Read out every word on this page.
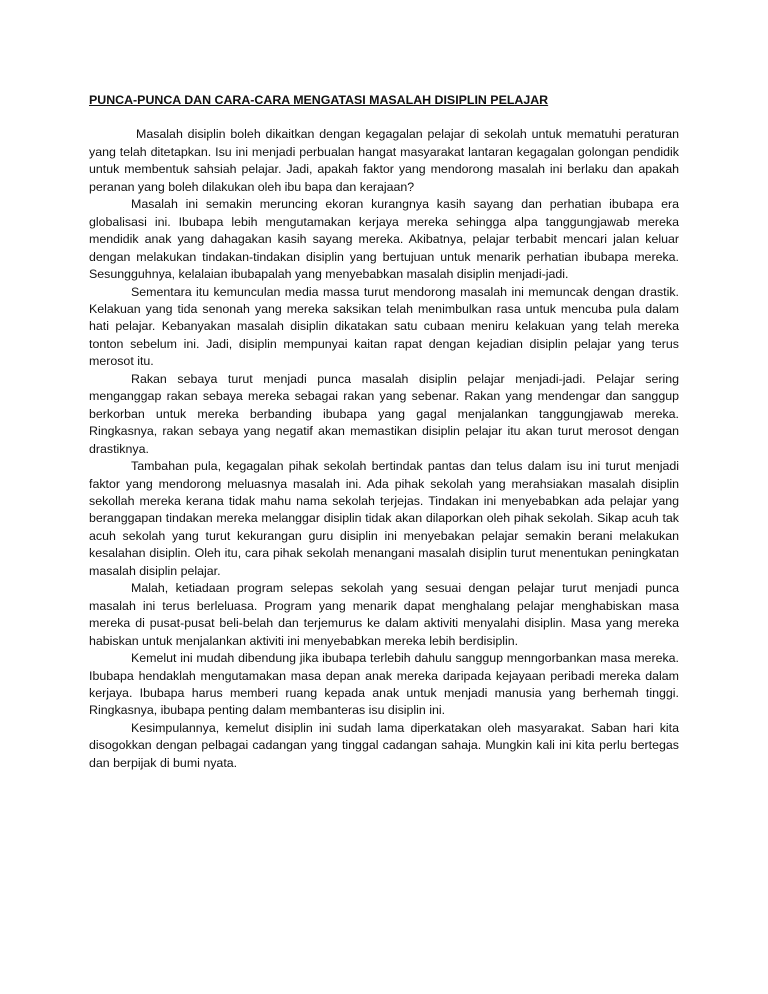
PUNCA-PUNCA DAN CARA-CARA MENGATASI MASALAH DISIPLIN PELAJAR

Masalah disiplin boleh dikaitkan dengan kegagalan pelajar di sekolah untuk mematuhi peraturan yang telah ditetapkan. Isu ini menjadi perbualan hangat masyarakat lantaran kegagalan golongan pendidik untuk membentuk sahsiah pelajar. Jadi, apakah faktor yang mendorong masalah ini berlaku dan apakah peranan yang boleh dilakukan oleh ibu bapa dan kerajaan?

Masalah ini semakin meruncing ekoran kurangnya kasih sayang dan perhatian ibubapa era globalisasi ini. Ibubapa lebih mengutamakan kerjaya mereka sehingga alpa tanggungjawab mereka mendidik anak yang dahagakan kasih sayang mereka. Akibatnya, pelajar terbabit mencari jalan keluar dengan melakukan tindakan-tindakan disiplin yang bertujuan untuk menarik perhatian ibubapa mereka. Sesungguhnya, kelalaian ibubapalah yang menyebabkan masalah disiplin menjadi-jadi.

Sementara itu kemunculan media massa turut mendorong masalah ini memuncak dengan drastik. Kelakuan yang tida senonah yang mereka saksikan telah menimbulkan rasa untuk mencuba pula dalam hati pelajar. Kebanyakan masalah disiplin dikatakan satu cubaan meniru kelakuan yang telah mereka tonton sebelum ini. Jadi, disiplin mempunyai kaitan rapat dengan kejadian disiplin pelajar yang terus merosot itu.

Rakan sebaya turut menjadi punca masalah disiplin pelajar menjadi-jadi. Pelajar sering menganggap rakan sebaya mereka sebagai rakan yang sebenar. Rakan yang mendengar dan sanggup berkorban untuk mereka berbanding ibubapa yang gagal menjalankan tanggungjawab mereka. Ringkasnya, rakan sebaya yang negatif akan memastikan disiplin pelajar itu akan turut merosot dengan drastiknya.

Tambahan pula, kegagalan pihak sekolah bertindak pantas dan telus dalam isu ini turut menjadi faktor yang mendorong meluasnya masalah ini. Ada pihak sekolah yang merahsiakan masalah disiplin sekollah mereka kerana tidak mahu nama sekolah terjejas. Tindakan ini menyebabkan ada pelajar yang beranggapan tindakan mereka melanggar disiplin tidak akan dilaporkan oleh pihak sekolah. Sikap acuh tak acuh sekolah yang turut kekurangan guru disiplin ini menyebakan pelajar semakin berani melakukan kesalahan disiplin. Oleh itu, cara pihak sekolah menangani masalah disiplin turut menentukan peningkatan masalah disiplin pelajar.

Malah, ketiadaan program selepas sekolah yang sesuai dengan pelajar turut menjadi punca masalah ini terus berleluasa. Program yang menarik dapat menghalang pelajar menghabiskan masa mereka di pusat-pusat beli-belah dan terjemurus ke dalam aktiviti menyalahi disiplin. Masa yang mereka habiskan untuk menjalankan aktiviti ini menyebabkan mereka lebih berdisiplin.

Kemelut ini mudah dibendung jika ibubapa terlebih dahulu sanggup menngorbankan masa mereka. Ibubapa hendaklah mengutamakan masa depan anak mereka daripada kejayaan peribadi mereka dalam kerjaya. Ibubapa harus memberi ruang kepada anak untuk menjadi manusia yang berhemah tinggi. Ringkasnya, ibubapa penting dalam membanteras isu disiplin ini.

Kesimpulannya, kemelut disiplin ini sudah lama diperkatakan oleh masyarakat. Saban hari kita disogokkan dengan pelbagai cadangan yang tinggal cadangan sahaja. Mungkin kali ini kita perlu bertegas dan berpijak di bumi nyata.
